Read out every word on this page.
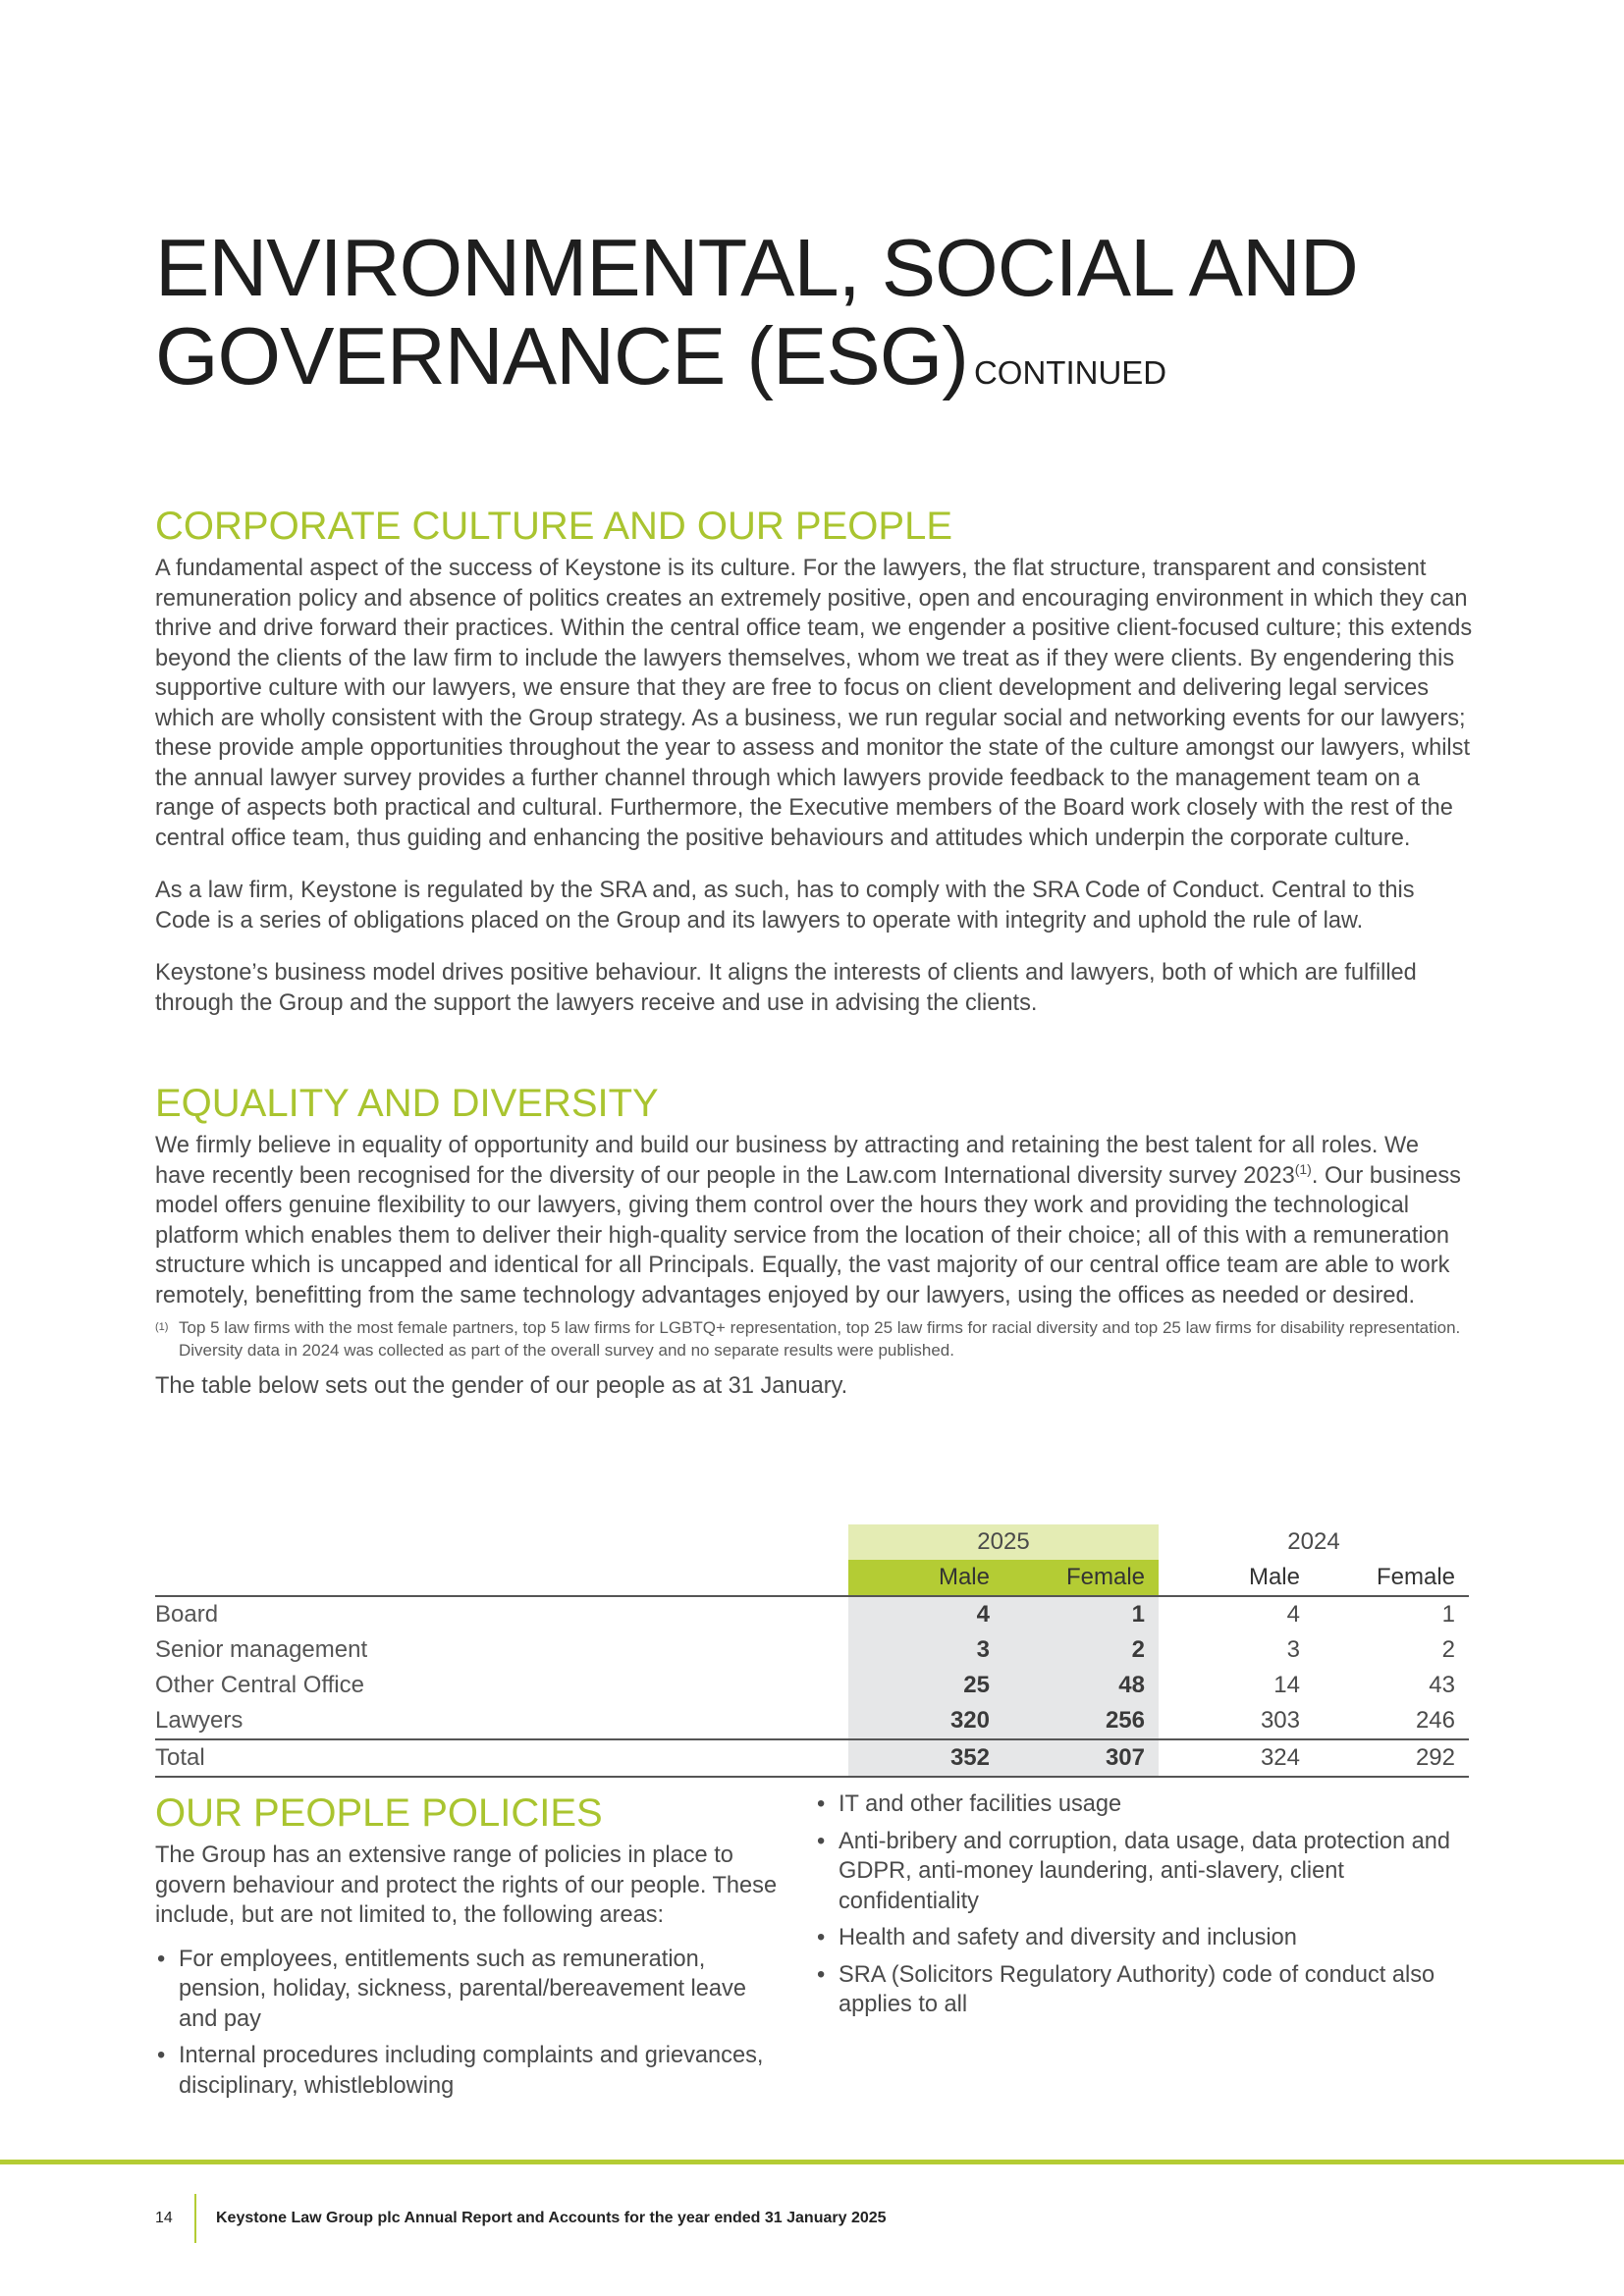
ENVIRONMENTAL, SOCIAL AND
GOVERNANCE (ESG) CONTINUED
CORPORATE CULTURE AND OUR PEOPLE

A fundamental aspect of the success of Keystone is its culture. For the lawyers, the flat structure, transparent and consistent remuneration policy and absence of politics creates an extremely positive, open and encouraging environment in which they can thrive and drive forward their practices. Within the central office team, we engender a positive client-focused culture; this extends beyond the clients of the law firm to include the lawyers themselves, whom we treat as if they were clients. By engendering this supportive culture with our lawyers, we ensure that they are free to focus on client development and delivering legal services which are wholly consistent with the Group strategy. As a business, we run regular social and networking events for our lawyers; these provide ample opportunities throughout the year to assess and monitor the state of the culture amongst our lawyers, whilst the annual lawyer survey provides a further channel through which lawyers provide feedback to the management team on a range of aspects both practical and cultural. Furthermore, the Executive members of the Board work closely with the rest of the central office team, thus guiding and enhancing the positive behaviours and attitudes which underpin the corporate culture.

As a law firm, Keystone is regulated by the SRA and, as such, has to comply with the SRA Code of Conduct. Central to this Code is a series of obligations placed on the Group and its lawyers to operate with integrity and uphold the rule of law.

Keystone’s business model drives positive behaviour. It aligns the interests of clients and lawyers, both of which are fulfilled through the Group and the support the lawyers receive and use in advising the clients.

EQUALITY AND DIVERSITY

We firmly believe in equality of opportunity and build our business by attracting and retaining the best talent for all roles. We have recently been recognised for the diversity of our people in the Law.com International diversity survey 2023$^{(1)}$. Our business model offers genuine flexibility to our lawyers, giving them control over the hours they work and providing the technological platform which enables them to deliver their high-quality service from the location of their choice; all of this with a remuneration structure which is uncapped and identical for all Principals. Equally, the vast majority of our central office team are able to work remotely, benefitting from the same technology advantages enjoyed by our lawyers, using the offices as needed or desired.

(1) Top 5 law firms with the most female partners, top 5 law firms for LGBTQ+ representation, top 25 law firms for racial diversity and top 25 law firms for disability representation. Diversity data in 2024 was collected as part of the overall survey and no separate results were published.

The table below sets out the gender of our people as at 31 January.

	2025		2024	
	Male	Female	Male	Female
Board	4	1	4	1
Senior management	3	2	3	2
Other Central Office	25	48	14	43
Lawyers	320	256	303	246
Total	352	307	324	292
OUR PEOPLE POLICIES

The Group has an extensive range of policies in place to govern behaviour and protect the rights of our people. These include, but are not limited to, the following areas:

• For employees, entitlements such as remuneration, pension, holiday, sickness, parental/bereavement leave and pay
• Internal procedures including complaints and grievances, disciplinary, whistleblowing
• IT and other facilities usage
• Anti-bribery and corruption, data usage, data protection and GDPR, anti-money laundering, anti-slavery, client confidentiality
• Health and safety and diversity and inclusion
• SRA (Solicitors Regulatory Authority) code of conduct also applies to all
14	Keystone Law Group plc Annual Report and Accounts for the year ended 31 January 2025
